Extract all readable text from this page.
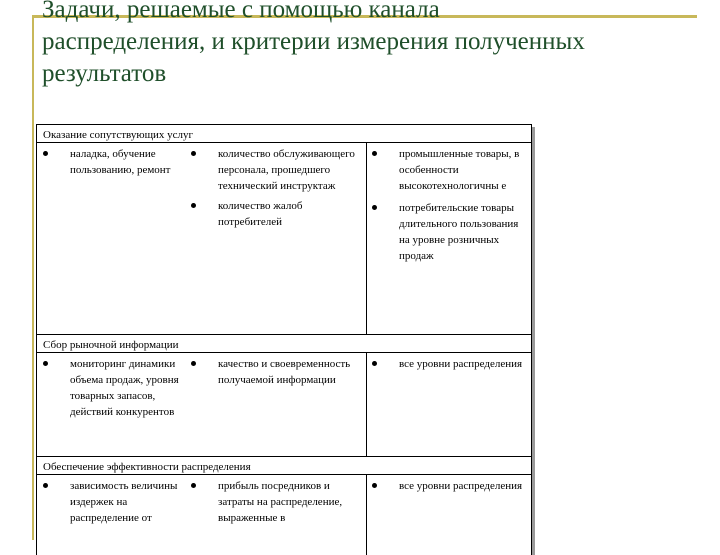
Задачи, решаемые с помощью канала
распределения, и критерии измерения полученных
результатов
Оказание сопутствующих услуг
наладка, обучение пользованию, ремонт
количество обслуживающего персонала, прошедшего технический инструктаж
количество жалоб потребителей
промышленные товары, в особенности высокотехнологичны е
потребительские товары длительного пользования на уровне розничных продаж
Сбор рыночной информации
мониторинг динамики объема продаж, уровня товарных запасов, действий конкурентов
качество и своевременность получаемой информации
все уровни распределения
Обеспечение эффективности распределения
зависимость величины издержек на распределение от
прибыль посредников и затраты на распределение, выраженные в
все уровни распределения
